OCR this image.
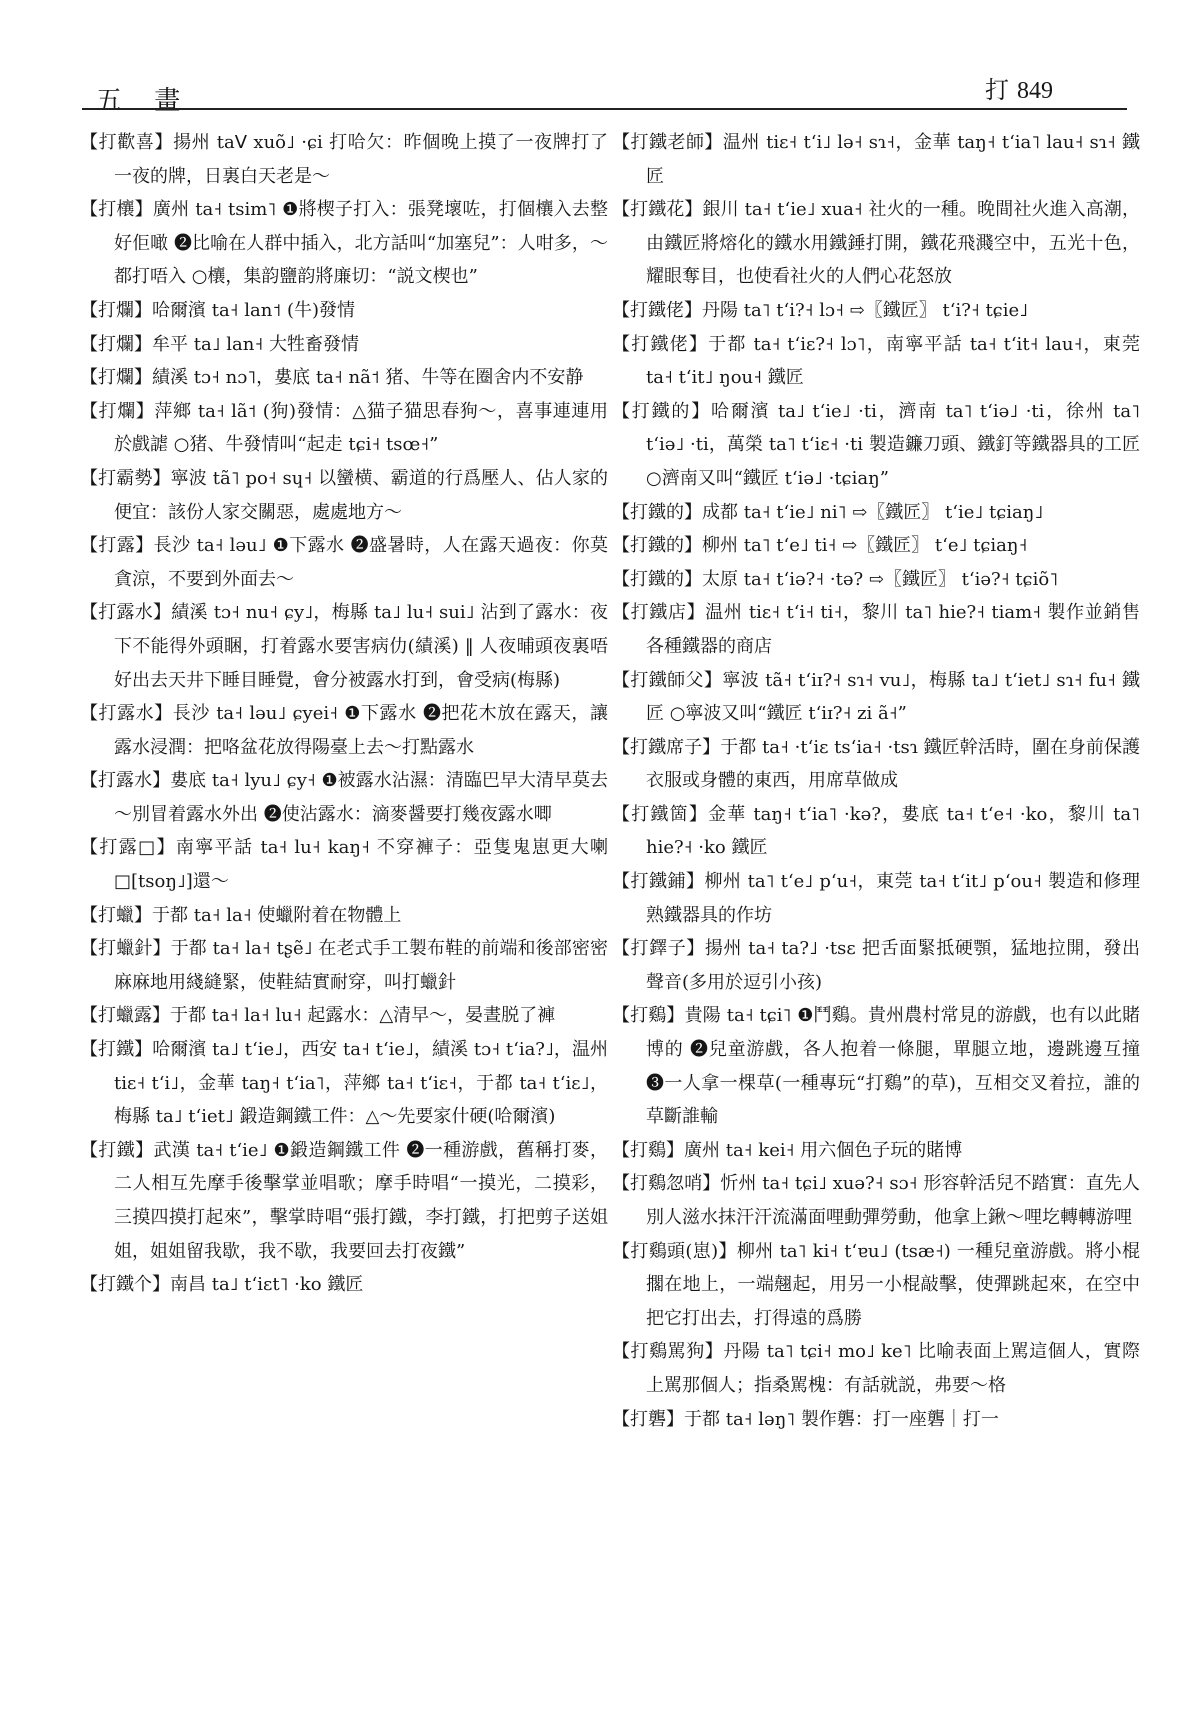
五 畫	打 849
【打歡喜】揚州 taᐯ xuõ˩ ·ɕi 打哈欠：昨個晚上摸了一夜牌打了一夜的牌，日裏白天老是～
【打欀】廣州 ta˧ tsim˥ ❶將楔子打入：張凳壞咗，打個欀入去整好佢噉 ❷比喻在人群中插入，北方話叫“加塞兒”：人咁多，～都打唔入 ○欀，集韵鹽韵將廉切：“説文楔也”
【打爛】哈爾濱 ta˧ lan˦ (牛)發情
【打爛】牟平 ta˩ lan˧ 大牲畜發情
【打爛】績溪 tɔ˧ nɔ˥，婁底 ta˧ nã˦ 猪、牛等在圈舍内不安静
【打爛】萍鄉 ta˧ lã˦ (狗)發情：△猫子猫思春狗～，喜事連連用於戲謔 ○猪、牛發情叫“起走 tɕi˧ tsœ˧”
【打霸勢】寧波 tã˥ po˧ sɥ˧ 以蠻横、霸道的行爲壓人、佔人家的便宜：該份人家交關惡，處處地方～
【打露】長沙 ta˧ ləu˩ ❶下露水 ❷盛暑時，人在露天過夜：你莫貪涼，不要到外面去～
【打露水】績溪 tɔ˧ nu˧ ɕy˩，梅縣 ta˩ lu˧ sui˩ 沾到了露水：夜下不能得外頭睏，打着露水要害病仂(績溪) ‖ 人夜晡頭夜裏唔好出去天井下睡目睡覺，會分被露水打到，會受病(梅縣)
【打露水】長沙 ta˧ ləu˩ ɕyei˧ ❶下露水 ❷把花木放在露天，讓露水浸潤：把咯盆花放得陽臺上去～打點露水
【打露水】婁底 ta˧ lyu˩ ɕy˧ ❶被露水沾濕：清臨巴早大清早莫去～別冒着露水外出 ❷使沾露水：滴麥醤要打幾夜露水唧
【打露□】南寧平話 ta˧ lu˧ kaŋ˧ 不穿褲子：亞隻鬼崽更大喇□[tsoŋ˩]還～
【打蠟】于都 ta˧ la˧ 使蠟附着在物體上
【打蠟針】于都 ta˧ la˧ tʂẽ˩ 在老式手工製布鞋的前端和後部密密麻麻地用綫縫緊，使鞋結實耐穿，叫打蠟針
【打蠟露】于都 ta˧ la˧ lu˧ 起露水：△清早～，晏晝脱了褲
【打鐵】哈爾濱 ta˩ tʻie˩，西安 ta˧ tʻie˩，績溪 tɔ˧ tʻia?˩，温州 tiɛ˧ tʻi˩，金華 taŋ˧ tʻia˥，萍鄉 ta˧ tʻiɛ˧，于都 ta˧ tʻiɛ˩，梅縣 ta˩ tʻiet˩ 鍛造鋼鐵工件：△～先要家什硬(哈爾濱)
【打鐵】武漢 ta˧ tʻie˩ ❶鍛造鋼鐵工件 ❷一種游戲，舊稱打麥，二人相互先摩手後擊掌並唱歌；摩手時唱“一摸光，二摸彩，三摸四摸打起來”，擊掌時唱“張打鐵，李打鐵，打把剪子送姐姐，姐姐留我歇，我不歇，我要回去打夜鐵”
【打鐵个】南昌 ta˩ tʻiɛt˥ ·ko 鐵匠
【打鐵老師】温州 tiɛ˧ tʻi˩ lə˧ sɿ˧，金華 taŋ˧ tʻia˥ lau˧ sɿ˧ 鐵匠
【打鐵花】銀川 ta˧ tʻie˩ xua˧ 社火的一種。晚間社火進入高潮，由鐵匠將熔化的鐵水用鐵錘打開，鐵花飛濺空中，五光十色，耀眼奪目，也使看社火的人們心花怒放
【打鐵佬】丹陽 ta˥ tʻi?˧ lɔ˧ ⇨〖鐵匠〗 tʻi?˧ tɕie˩
【打鐵佬】于都 ta˧ tʻiɛ?˧ lɔ˥，南寧平話 ta˧ tʻit˧ lau˧，東莞 ta˧ tʻit˩ ŋou˧ 鐵匠
【打鐵的】哈爾濱 ta˩ tʻie˩ ·ti，濟南 ta˥ tʻiə˩ ·ti，徐州 ta˥ tʻiə˩ ·ti，萬榮 ta˥ tʻiɛ˧ ·ti 製造鐮刀頭、鐵釘等鐵器具的工匠 ○濟南又叫“鐵匠 tʻiə˩ ·tɕiaŋ”
【打鐵的】成都 ta˧ tʻie˩ ni˥ ⇨〖鐵匠〗 tʻie˩ tɕiaŋ˩
【打鐵的】柳州 ta˥ tʻe˩ ti˧ ⇨〖鐵匠〗 tʻe˩ tɕiaŋ˧
【打鐵的】太原 ta˧ tʻiə?˧ ·tə? ⇨〖鐵匠〗 tʻiə?˧ tɕiõ˥
【打鐵店】温州 tiɛ˧ tʻi˧ ti˧，黎川 ta˥ hie?˧ tiam˧ 製作並銷售各種鐵器的商店
【打鐵師父】寧波 tã˧ tʻiɪ?˧ sɿ˧ vu˩，梅縣 ta˩ tʻiet˩ sɿ˧ fu˧ 鐵匠 ○寧波又叫“鐵匠 tʻiɪ?˧ zi ã˧”
【打鐵席子】于都 ta˧ ·tʻiɛ tsʻia˧ ·tsɿ 鐵匠幹活時，圍在身前保護衣服或身體的東西，用席草做成
【打鐵箇】金華 taŋ˧ tʻia˥ ·kə?，婁底 ta˧ tʻe˧ ·ko，黎川 ta˥ hie?˧ ·ko 鐵匠
【打鐵鋪】柳州 ta˥ tʻe˩ pʻu˧，東莞 ta˧ tʻit˩ pʻou˧ 製造和修理熟鐵器具的作坊
【打鐸子】揚州 ta˧ ta?˩ ·tsɛ 把舌面緊抵硬顎，猛地拉開，發出聲音(多用於逗引小孩)
【打鷄】貴陽 ta˧ tɕi˥ ❶鬥鷄。貴州農村常見的游戲，也有以此賭博的 ❷兒童游戲，各人抱着一條腿，單腿立地，邊跳邊互撞 ❸一人拿一棵草(一種專玩“打鷄”的草)，互相交叉着拉，誰的草斷誰輸
【打鷄】廣州 ta˧ kei˧ 用六個色子玩的賭博
【打鷄忽哨】忻州 ta˧ tɕi˩ xuə?˧ sɔ˧ 形容幹活兒不踏實：直先人別人滋水抹汗汗流滿面哩動彈勞動，他拿上鍬～哩圪轉轉游哩
【打鷄頭(崽)】柳州 ta˥ ki˧ tʻɐu˩ (tsæ˧) 一種兒童游戲。將小棍擱在地上，一端翹起，用另一小棍敲擊，使彈跳起來，在空中把它打出去，打得遠的爲勝
【打鷄駡狗】丹陽 ta˥ tɕi˧ mo˩ ke˥ 比喻表面上駡這個人，實際上駡那個人；指桑駡槐：有話就説，弗要～格
【打礱】于都 ta˧ ləŋ˥ 製作礱：打一座礱｜打一
